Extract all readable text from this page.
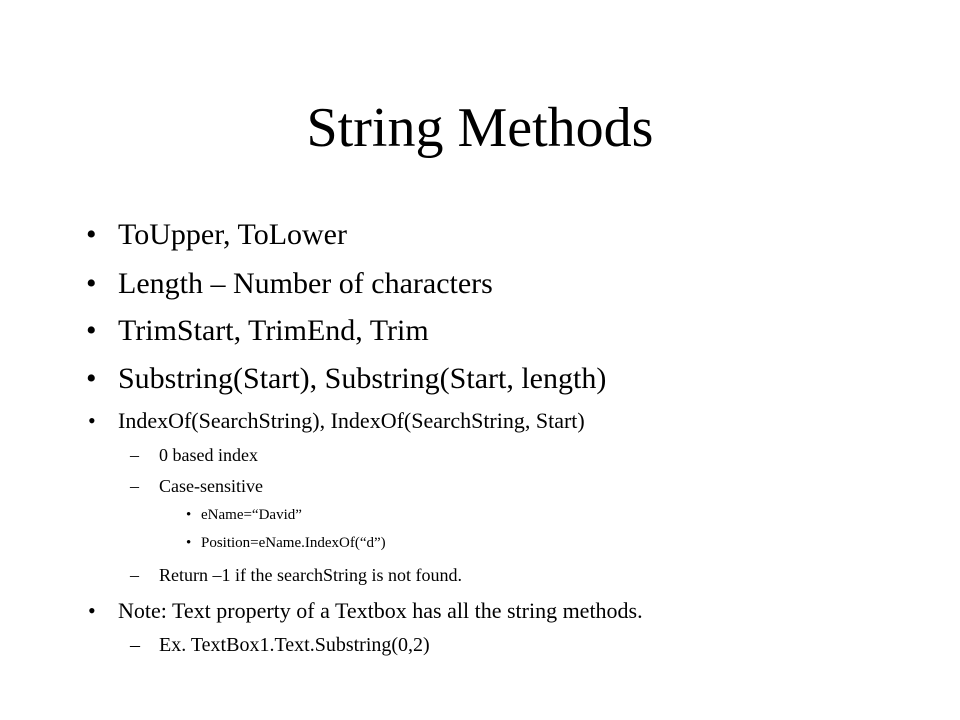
String Methods
• ToUpper, ToLower
• Length – Number of characters
• TrimStart, TrimEnd, Trim
• Substring(Start), Substring(Start, length)
• IndexOf(SearchString), IndexOf(SearchString, Start)
– 0 based index
– Case-sensitive
• eName=“David”
• Position=eName.IndexOf(“d”)
– Return –1 if the searchString is not found.
• Note: Text property of a Textbox has all the string methods.
– Ex. TextBox1.Text.Substring(0,2)
